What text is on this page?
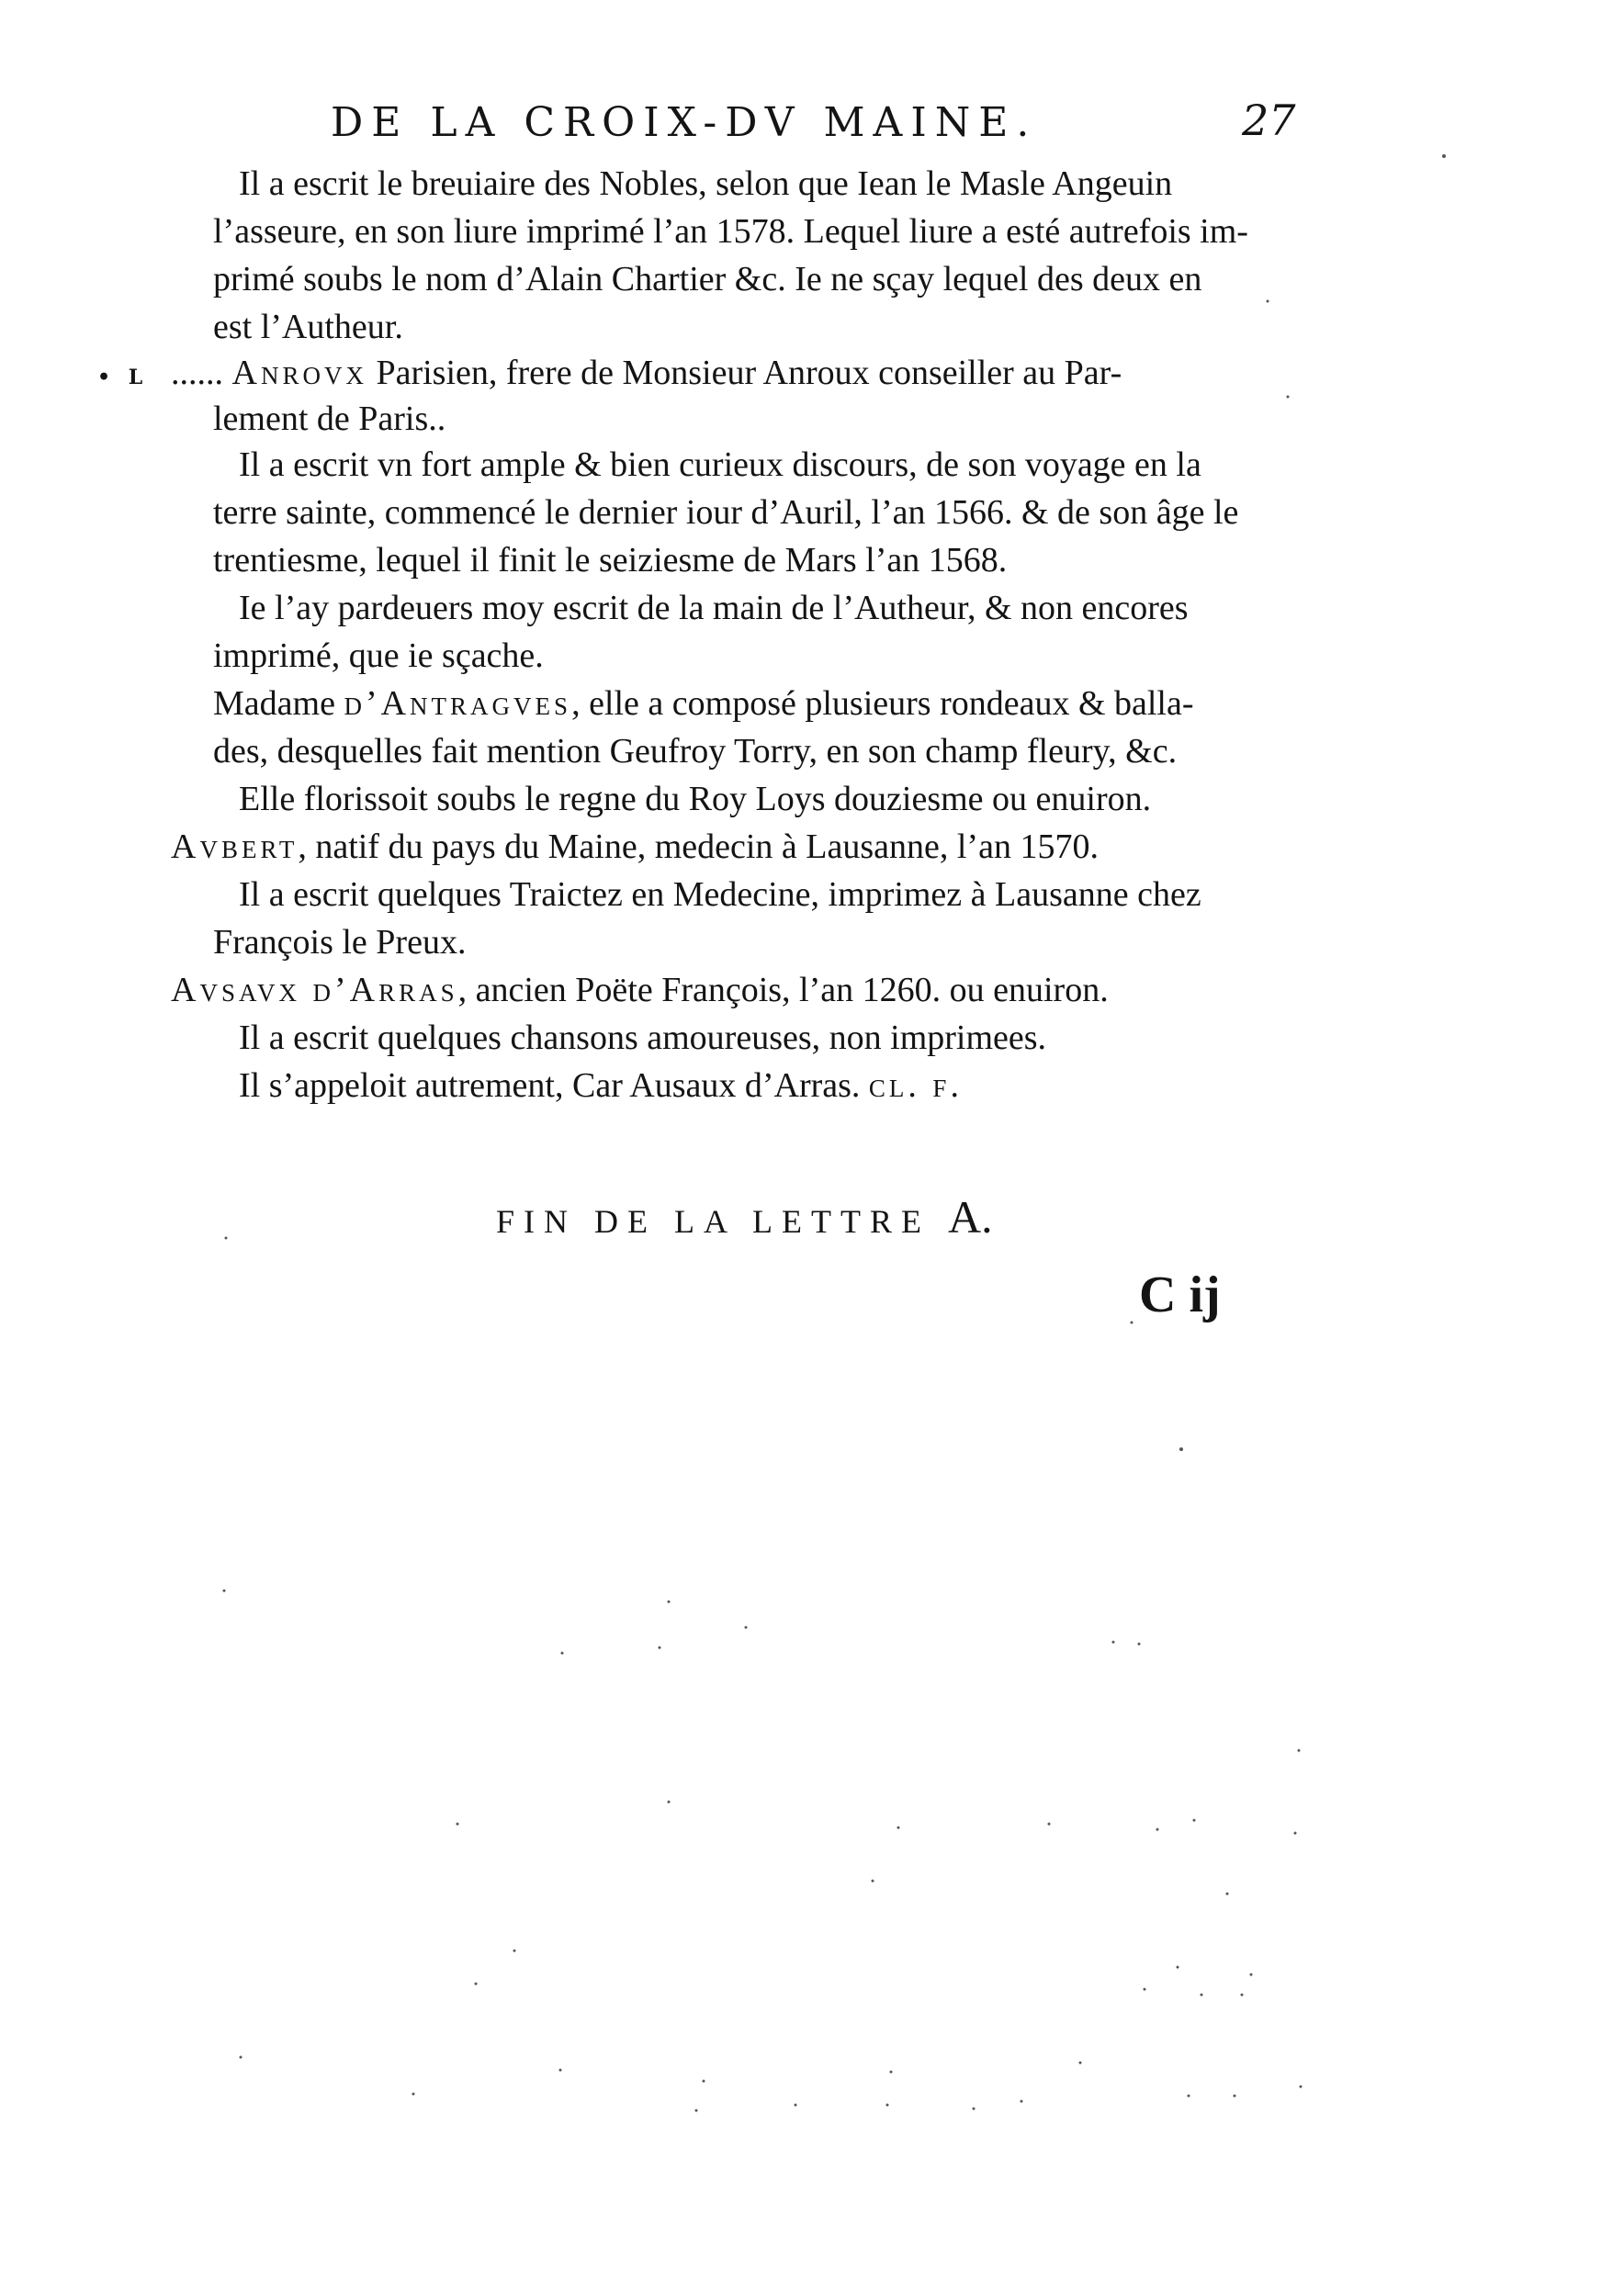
DE LA CROIX-DV MAINE.	27
• L
Il a escrit le breuiaire des Nobles, selon que Iean le Masle Angeuin
l’asseure, en son liure imprimé l’an 1578. Lequel liure a esté autrefois im-
primé soubs le nom d’Alain Chartier &c. Ie ne sçay lequel des deux en
est l’Autheur.
...... Anrovx Parisien, frere de Monsieur Anroux conseiller au Par-
lement de Paris..
Il a escrit vn fort ample & bien curieux discours, de son voyage en la
terre sainte, commencé le dernier iour d’Auril, l’an 1566. & de son âge le
trentiesme, lequel il finit le seiziesme de Mars l’an 1568.
Ie l’ay pardeuers moy escrit de la main de l’Autheur, & non encores
imprimé, que ie sçache.
Madame d’Antragves, elle a composé plusieurs rondeaux & balla-
des, desquelles fait mention Geufroy Torry, en son champ fleury, &c.
Elle florissoit soubs le regne du Roy Loys douziesme ou enuiron.
Avbert, natif du pays du Maine, medecin à Lausanne, l’an 1570.
Il a escrit quelques Traictez en Medecine, imprimez à Lausanne chez
François le Preux.
Avsavx d’Arras, ancien Poëte François, l’an 1260. ou enuiron.
Il a escrit quelques chansons amoureuses, non imprimees.
Il s’appeloit autrement, Car Ausaux d’Arras. cl. f.
FIN DE LA LETTRE A.
C ij
